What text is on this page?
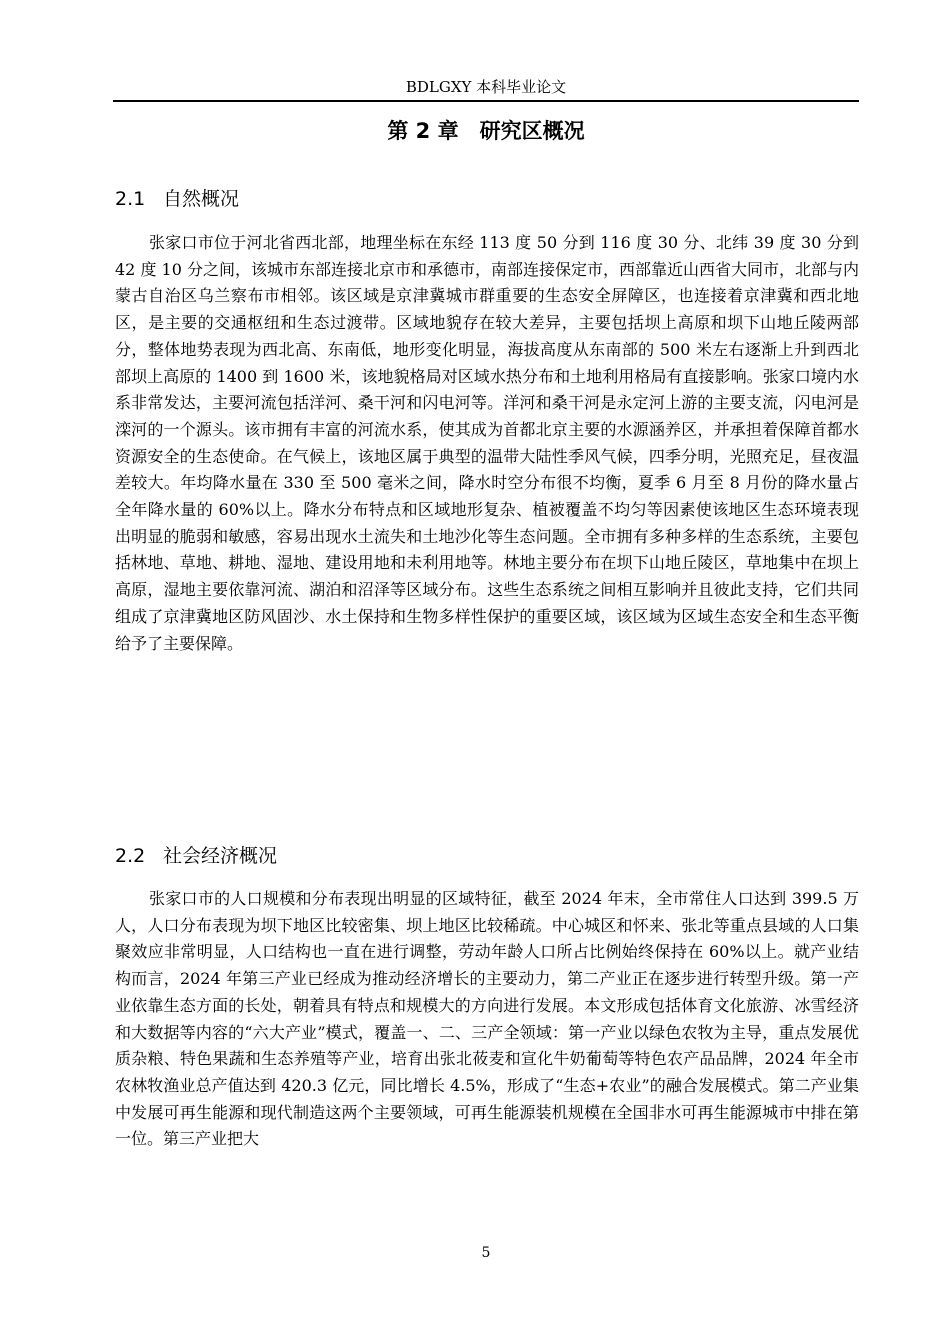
BDLGXY 本科毕业论文
第 2 章　研究区概况
2.1 自然概况

张家口市位于河北省西北部，地理坐标在东经 113 度 50 分到 116 度 30 分、北纬 39 度 30 分到 42 度 10 分之间，该城市东部连接北京市和承德市，南部连接保定市，西部靠近山西省大同市，北部与内蒙古自治区乌兰察布市相邻。该区域是京津冀城市群重要的生态安全屏障区，也连接着京津冀和西北地区，是主要的交通枢纽和生态过渡带。区域地貌存在较大差异，主要包括坝上高原和坝下山地丘陵两部分，整体地势表现为西北高、东南低，地形变化明显，海拔高度从东南部的 500 米左右逐渐上升到西北部坝上高原的 1400 到 1600 米，该地貌格局对区域水热分布和土地利用格局有直接影响。张家口境内水系非常发达，主要河流包括洋河、桑干河和闪电河等。洋河和桑干河是永定河上游的主要支流，闪电河是滦河的一个源头。该市拥有丰富的河流水系，使其成为首都北京主要的水源涵养区，并承担着保障首都水资源安全的生态使命。在气候上，该地区属于典型的温带大陆性季风气候，四季分明，光照充足，昼夜温差较大。年均降水量在 330 至 500 毫米之间，降水时空分布很不均衡，夏季 6 月至 8 月份的降水量占全年降水量的 60%以上。降水分布特点和区域地形复杂、植被覆盖不均匀等因素使该地区生态环境表现出明显的脆弱和敏感，容易出现水土流失和土地沙化等生态问题。全市拥有多种多样的生态系统，主要包括林地、草地、耕地、湿地、建设用地和未利用地等。林地主要分布在坝下山地丘陵区，草地集中在坝上高原，湿地主要依靠河流、湖泊和沼泽等区域分布。这些生态系统之间相互影响并且彼此支持，它们共同组成了京津冀地区防风固沙、水土保持和生物多样性保护的重要区域，该区域为区域生态安全和生态平衡给予了主要保障。

2.2 社会经济概况

张家口市的人口规模和分布表现出明显的区域特征，截至 2024 年末，全市常住人口达到 399.5 万人，人口分布表现为坝下地区比较密集、坝上地区比较稀疏。中心城区和怀来、张北等重点县域的人口集聚效应非常明显，人口结构也一直在进行调整，劳动年龄人口所占比例始终保持在 60%以上。就产业结构而言，2024 年第三产业已经成为推动经济增长的主要动力，第二产业正在逐步进行转型升级。第一产业依靠生态方面的长处，朝着具有特点和规模大的方向进行发展。本文形成包括体育文化旅游、冰雪经济和大数据等内容的“六大产业”模式，覆盖一、二、三产全领域：第一产业以绿色农牧为主导，重点发展优质杂粮、特色果蔬和生态养殖等产业，培育出张北莜麦和宣化牛奶葡萄等特色农产品品牌，2024 年全市农林牧渔业总产值达到 420.3 亿元，同比增长 4.5%，形成了“生态+农业”的融合发展模式。第二产业集中发展可再生能源和现代制造这两个主要领域，可再生能源装机规模在全国非水可再生能源城市中排在第一位。第三产业把大

5
